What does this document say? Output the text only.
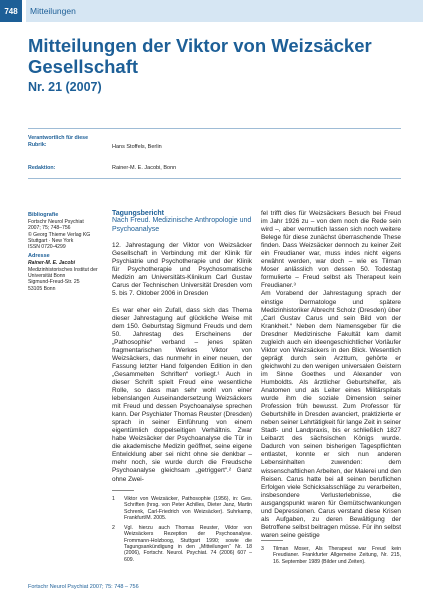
748	Mitteilungen
Mitteilungen der Viktor von Weizsäcker Gesellschaft
Nr. 21 (2007)
Verantwortlich für diese Rubrik:	Hans Stoffels, Berlin
Redaktion:	Rainer-M. E. Jacobi, Bonn
Bibliografie
Fortschr Neurol Psychiat
2007; 75; 748–756
© Georg Thieme Verlag KG
Stuttgart · New York
ISSN 0720-4299
Adresse
Rainer-M. E. Jacobi
Medizinhistorisches Institut der
Universität Bonn
Sigmund-Freud-Str. 25
53105 Bonn
Tagungsbericht
Nach Freud. Medizinische Anthropologie und Psychoanalyse

12. Jahrestagung der Viktor von Weizsäcker Gesellschaft in Verbindung mit der Klinik für Psychiatrie und Psychotherapie und der Klinik für Psychotherapie und Psychosomatische Medizin am Universitäts-Klinikum Carl Gustav Carus der Technischen Universität Dresden vom 5. bis 7. Oktober 2006 in Dresden

Es war eher ein Zufall, dass sich das Thema dieser Jahrestagung auf glückliche Weise mit dem 150. Geburtstag Sigmund Freuds und dem 50. Jahrestag des Erscheinens der „Pathosophie“ verband – jenes späten fragmentarischen Werkes Viktor von Weizsäckers, das nunmehr in einer neuen, der Fassung letzter Hand folgenden Edition in den „Gesammelten Schriften“ vorliegt.¹ Auch in dieser Schrift spielt Freud eine wesentliche Rolle, so dass man sehr wohl von einer lebenslangen Auseinandersetzung Weizsäckers mit Freud und dessen Psychoanalyse sprechen kann. Der Psychiater Thomas Reuster (Dresden) sprach in seiner Einführung von einem eigentümlich doppelseitigen Verhältnis. Zwar habe Weizsäcker der Psychoanalyse die Tür in die akademische Medizin geöffnet, seine eigene Entwicklung aber sei nicht ohne sie denkbar – mehr noch, sie wurde durch die Freudsche Psychoanalyse gleichsam „getriggert“.² Ganz ohne Zwei-

1	Viktor von Weizsäcker, Pathosophie (1956), in: Ges. Schriften (hrsg. von Peter Achilles, Dieter Janz, Martin Schrenk, Carl-Friedrich von Weizsäcker). Suhrkamp, Frankfurt/M. 2005.
2	Vgl. hierzu auch Thomas Reuster, Viktor von Weizsäckers Rezeption der Psychoanalyse. Frommann-Holzboog, Stuttgart 1990; sowie die Tagungsankündigung in den „Mitteilungen“ Nr. 18 (2006), Fortschr. Neurol. Psychiat. 74 (2006) 607 – 609.

fel trifft dies für Weizsäckers Besuch bei Freud im Jahr 1926 zu – von dem noch die Rede sein wird –, aber vermutlich lassen sich noch weitere Belege für diese zunächst überraschende These finden. Dass Weizsäcker dennoch zu keiner Zeit ein Freudianer war, muss indes nicht eigens erwähnt werden, war doch – wie es Tilman Moser anlässlich von dessen 50. Todestag formulierte – Freud selbst als Therapeut kein Freudianer.³

Am Vorabend der Jahrestagung sprach der einstige Dermatologe und spätere Medizinhistoriker Albrecht Scholz (Dresden) über „Carl Gustav Carus und sein Bild von der Krankheit.“ Neben dem Namensgeber für die Dresdner Medizinische Fakultät kam damit zugleich auch ein ideengeschichtlicher Vorläufer Viktor von Weizsäckers in den Blick. Wesentlich geprägt durch sein Arzttum, gehörte er gleichwohl zu den wenigen universalen Geistern im Sinne Goethes und Alexander von Humboldts. Als ärztlicher Geburtshelfer, als Anatomen und als Leiter eines Militärspitals wurde ihm die soziale Dimension seiner Profession früh bewusst. Zum Professor für Geburtshilfe in Dresden avanciert, praktizierte er neben seiner Lehrtätigkeit für lange Zeit in seiner Stadt- und Landpraxis, bis er schließlich 1827 Leibarzt des sächsischen Königs wurde. Dadurch von seinen bisherigen Tagespflichten entlastet, konnte er sich nun anderen Lebensinhalten zuwenden: dem wissenschaftlichen Arbeiten, der Malerei und den Reisen. Carus hatte bei all seinen beruflichen Erfolgen viele Schicksalsschläge zu verarbeiten, insbesondere Verlusterlebnisse, die ausgangspunkt waren für Gemütschwankungen und Depressionen. Carus verstand diese Krisen als Aufgaben, zu deren Bewältigung der Betroffene selbst beitragen müsse. Für ihn selbst waren seine geistige

3	Tilman Moser, Als Therapeut war Freud kein Freudianer. Frankfurter Allgemeine Zeitung, Nr. 215, 16. September 1989 (Bilder und Zeiten).
Fortschr Neurol Psychiat 2007; 75: 748 – 756
